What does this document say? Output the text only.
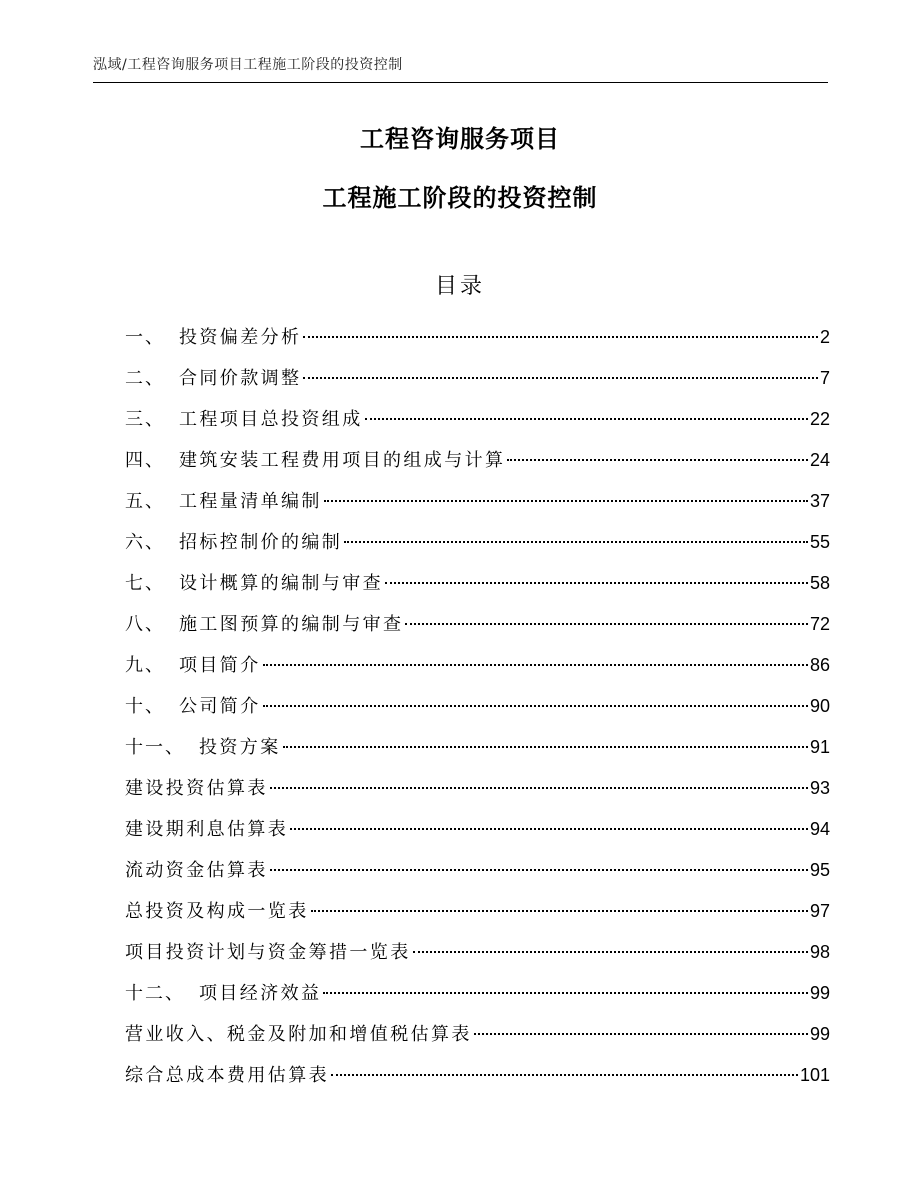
泓域/工程咨询服务项目工程施工阶段的投资控制
工程咨询服务项目
工程施工阶段的投资控制
目录
一、 投资偏差分析	2
二、 合同价款调整	7
三、 工程项目总投资组成	22
四、 建筑安装工程费用项目的组成与计算	24
五、 工程量清单编制	37
六、 招标控制价的编制	55
七、 设计概算的编制与审查	58
八、 施工图预算的编制与审查	72
九、 项目简介	86
十、 公司简介	90
十一、 投资方案	91
建设投资估算表	93
建设期利息估算表	94
流动资金估算表	95
总投资及构成一览表	97
项目投资计划与资金筹措一览表	98
十二、 项目经济效益	99
营业收入、税金及附加和增值税估算表	99
综合总成本费用估算表	101
